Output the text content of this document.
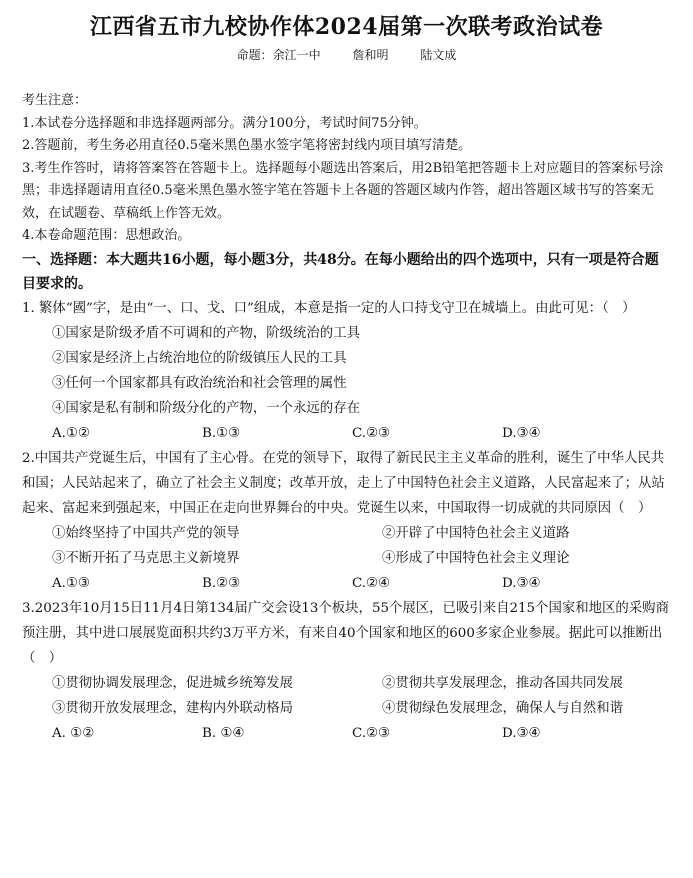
江西省五市九校协作体2024届第一次联考政治试卷
命题：余江一中	詹和明	陆文成

考生注意：

1.本试卷分选择题和非选择题两部分。满分100分，考试时间75分钟。

2.答题前，考生务必用直径0.5毫米黑色墨水签字笔将密封线内项目填写清楚。

3.考生作答时，请将答案答在答题卡上。选择题每小题选出答案后，用2B铅笔把答题卡上对应题目的答案标号涂黑；非选择题请用直径0.5毫米黑色墨水签字笔在答题卡上各题的答题区域内作答，超出答题区域书写的答案无效，在试题卷、草稿纸上作答无效。

4.本卷命题范围：思想政治。

一、选择题：本大题共16小题，每小题3分，共48分。在每小题给出的四个选项中，只有一项是符合题目要求的。

1. 繁体“國”字，是由“一、口、戈、口”组成，本意是指一定的人口持戈守卫在城墙上。由此可见：（　）

①国家是阶级矛盾不可调和的产物，阶级统治的工具

②国家是经济上占统治地位的阶级镇压人民的工具

③任何一个国家都具有政治统治和社会管理的属性

④国家是私有制和阶级分化的产物，一个永远的存在

A.①②	B.①③	C.②③	D.③④

2.中国共产党诞生后，中国有了主心骨。在党的领导下，取得了新民民主主义革命的胜利，诞生了中华人民共和国；人民站起来了，确立了社会主义制度；改革开放，走上了中国特色社会主义道路，人民富起来了；从站起来、富起来到强起来，中国正在走向世界舞台的中央。党诞生以来，中国取得一切成就的共同原因（　）

①始终坚持了中国共产党的领导	②开辟了中国特色社会主义道路
③不断开拓了马克思主义新境界	④形成了中国特色社会主义理论
A.①③	B.②③	C.②④	D.③④

3.2023年10月15日11月4日第134届广交会设13个板块，55个展区，已吸引来自215个国家和地区的采购商预注册，其中进口展展览面积共约3万平方米，有来自40个国家和地区的600多家企业参展。据此可以推断出（　）

①贯彻协调发展理念，促进城乡统筹发展	②贯彻共享发展理念，推动各国共同发展
③贯彻开放发展理念，建构内外联动格局	④贯彻绿色发展理念，确保人与自然和谐
A. ①②	B. ①④	C.②③	D.③④
